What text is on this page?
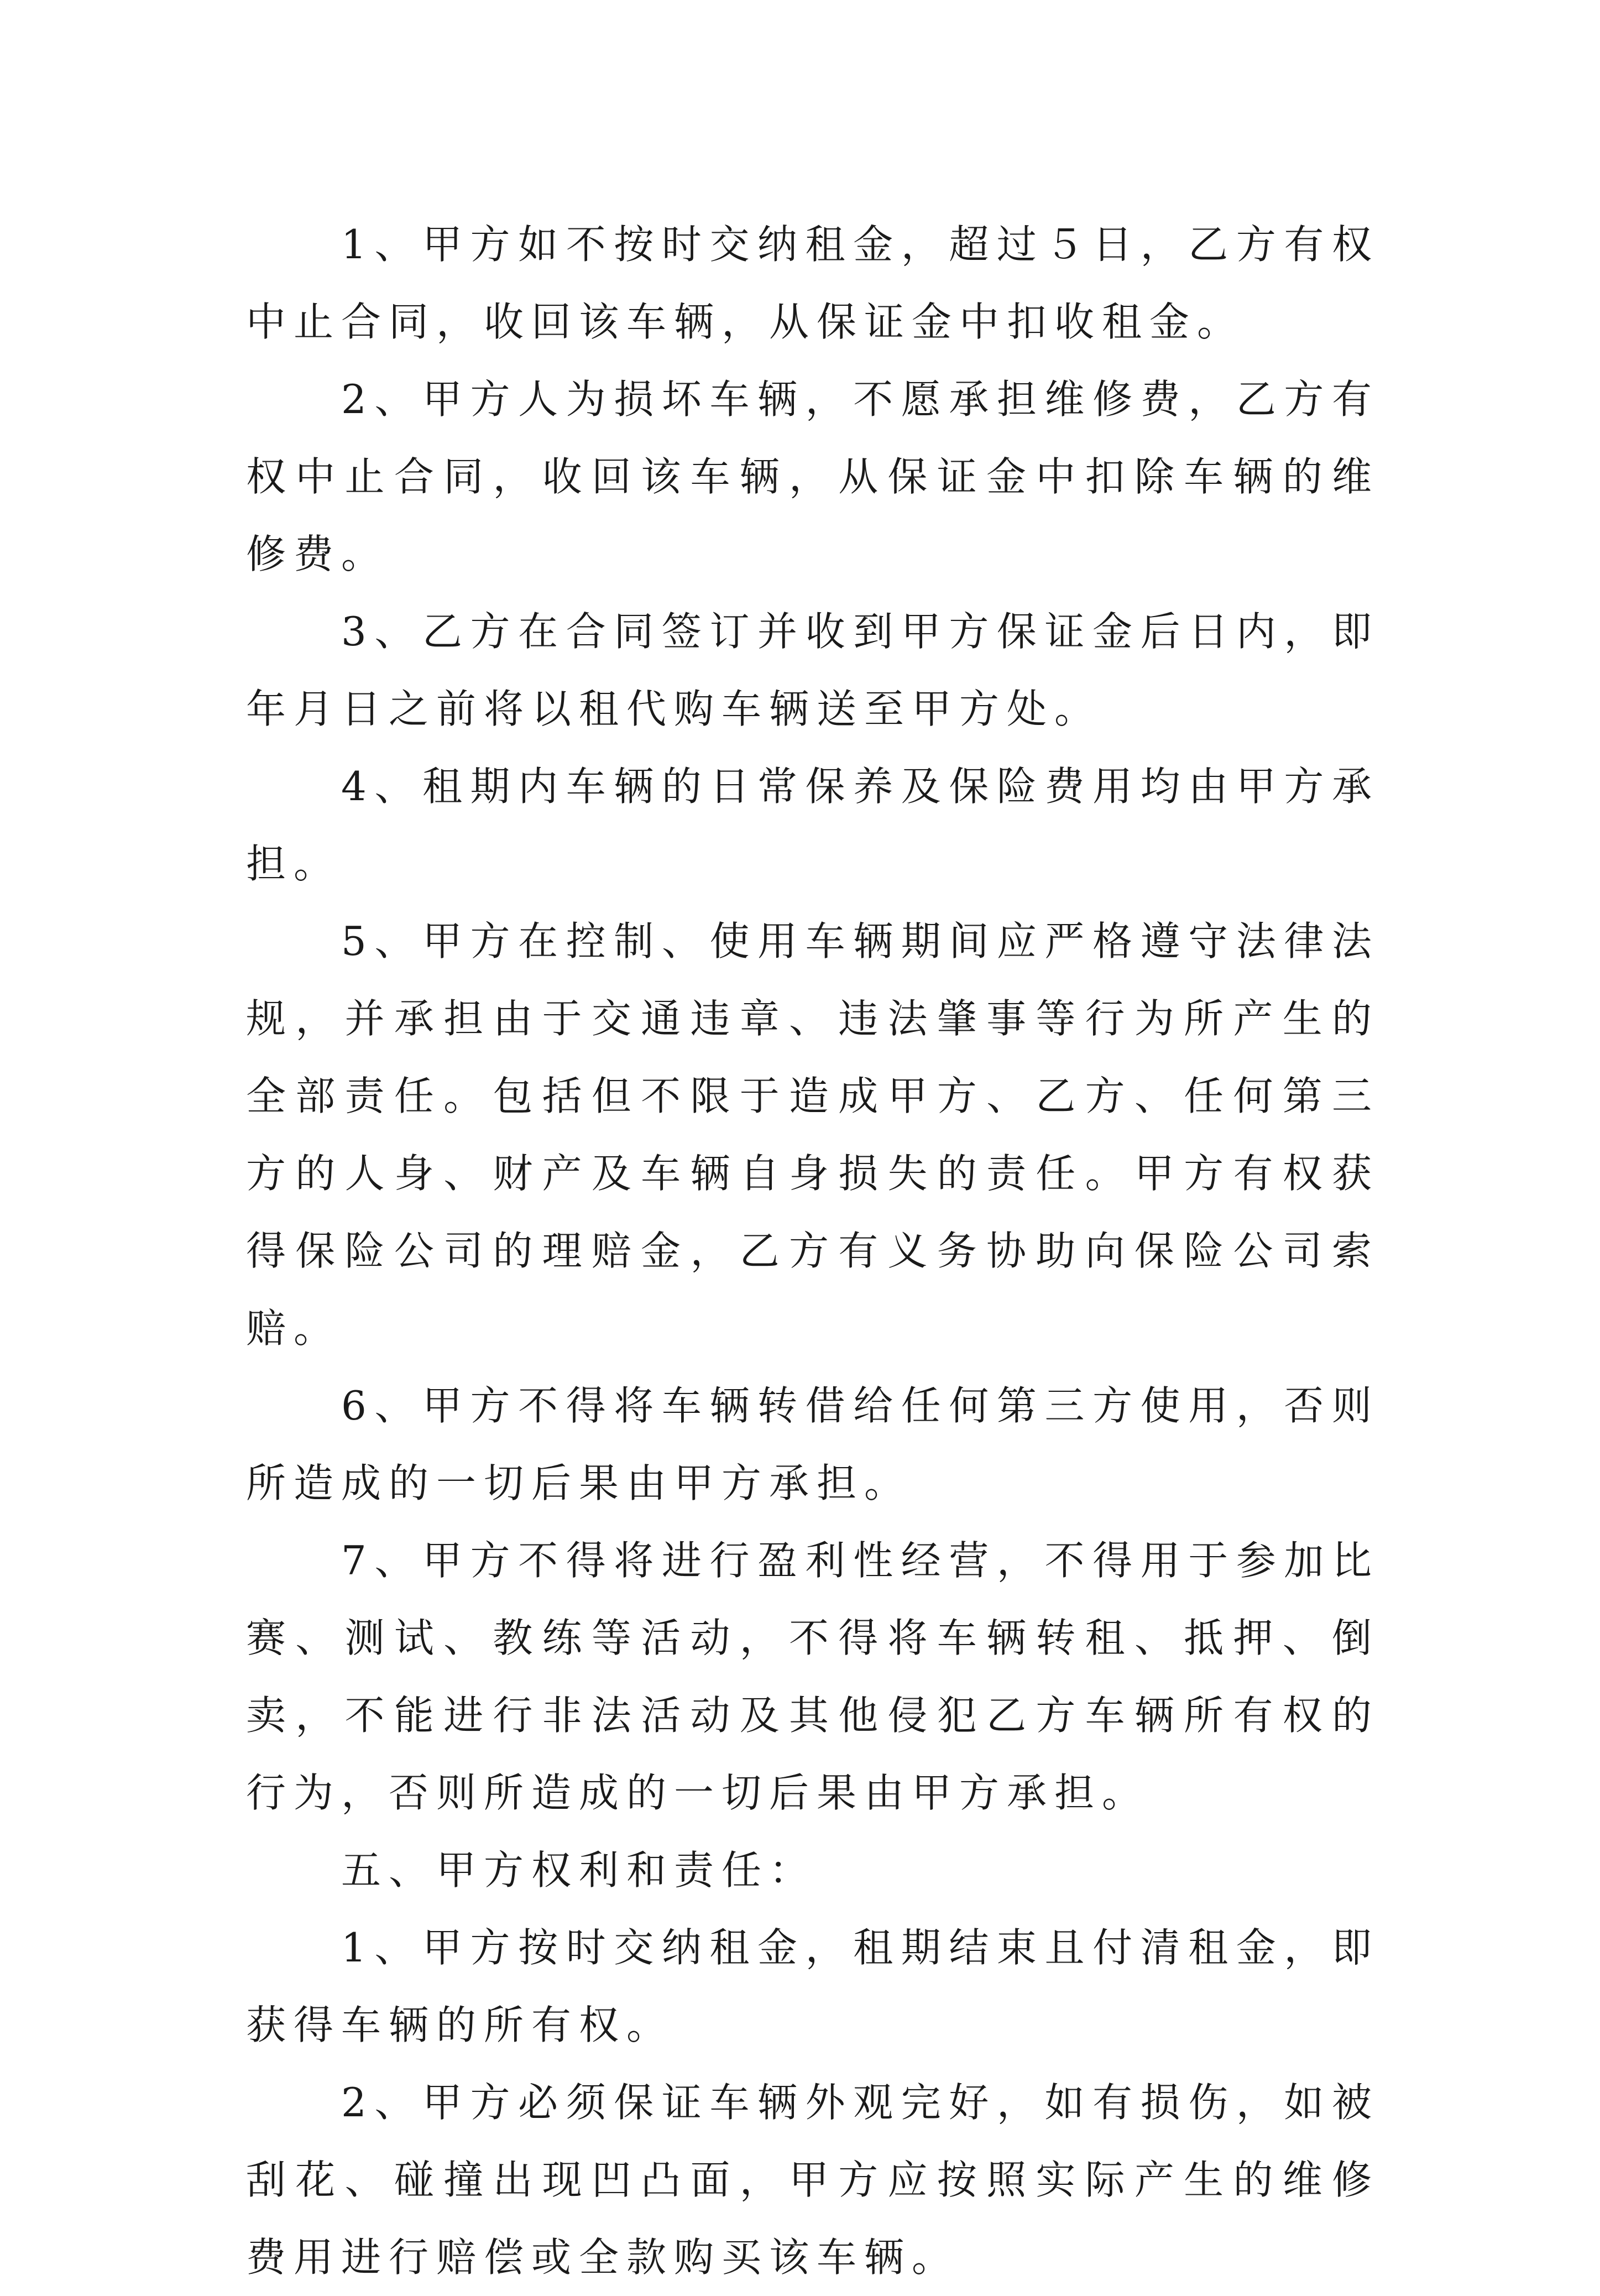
1、甲方如不按时交纳租金，超过５日，乙方有权中止合同，收回该车辆，从保证金中扣收租金。

2、甲方人为损坏车辆，不愿承担维修费，乙方有权中止合同，收回该车辆，从保证金中扣除车辆的维修费。

3、乙方在合同签订并收到甲方保证金后日内，即年月日之前将以租代购车辆送至甲方处。

4、租期内车辆的日常保养及保险费用均由甲方承担。

5、甲方在控制、使用车辆期间应严格遵守法律法规，并承担由于交通违章、违法肇事等行为所产生的全部责任。包括但不限于造成甲方、乙方、任何第三方的人身、财产及车辆自身损失的责任。甲方有权获得保险公司的理赔金，乙方有义务协助向保险公司索赔。

6、甲方不得将车辆转借给任何第三方使用，否则所造成的一切后果由甲方承担。

7、甲方不得将进行盈利性经营，不得用于参加比赛、测试、教练等活动，不得将车辆转租、抵押、倒卖，不能进行非法活动及其他侵犯乙方车辆所有权的行为，否则所造成的一切后果由甲方承担。

五、甲方权利和责任：

1、甲方按时交纳租金，租期结束且付清租金，即获得车辆的所有权。

2、甲方必须保证车辆外观完好，如有损伤，如被刮花、碰撞出现凹凸面，甲方应按照实际产生的维修费用进行赔偿或全款购买该车辆。
